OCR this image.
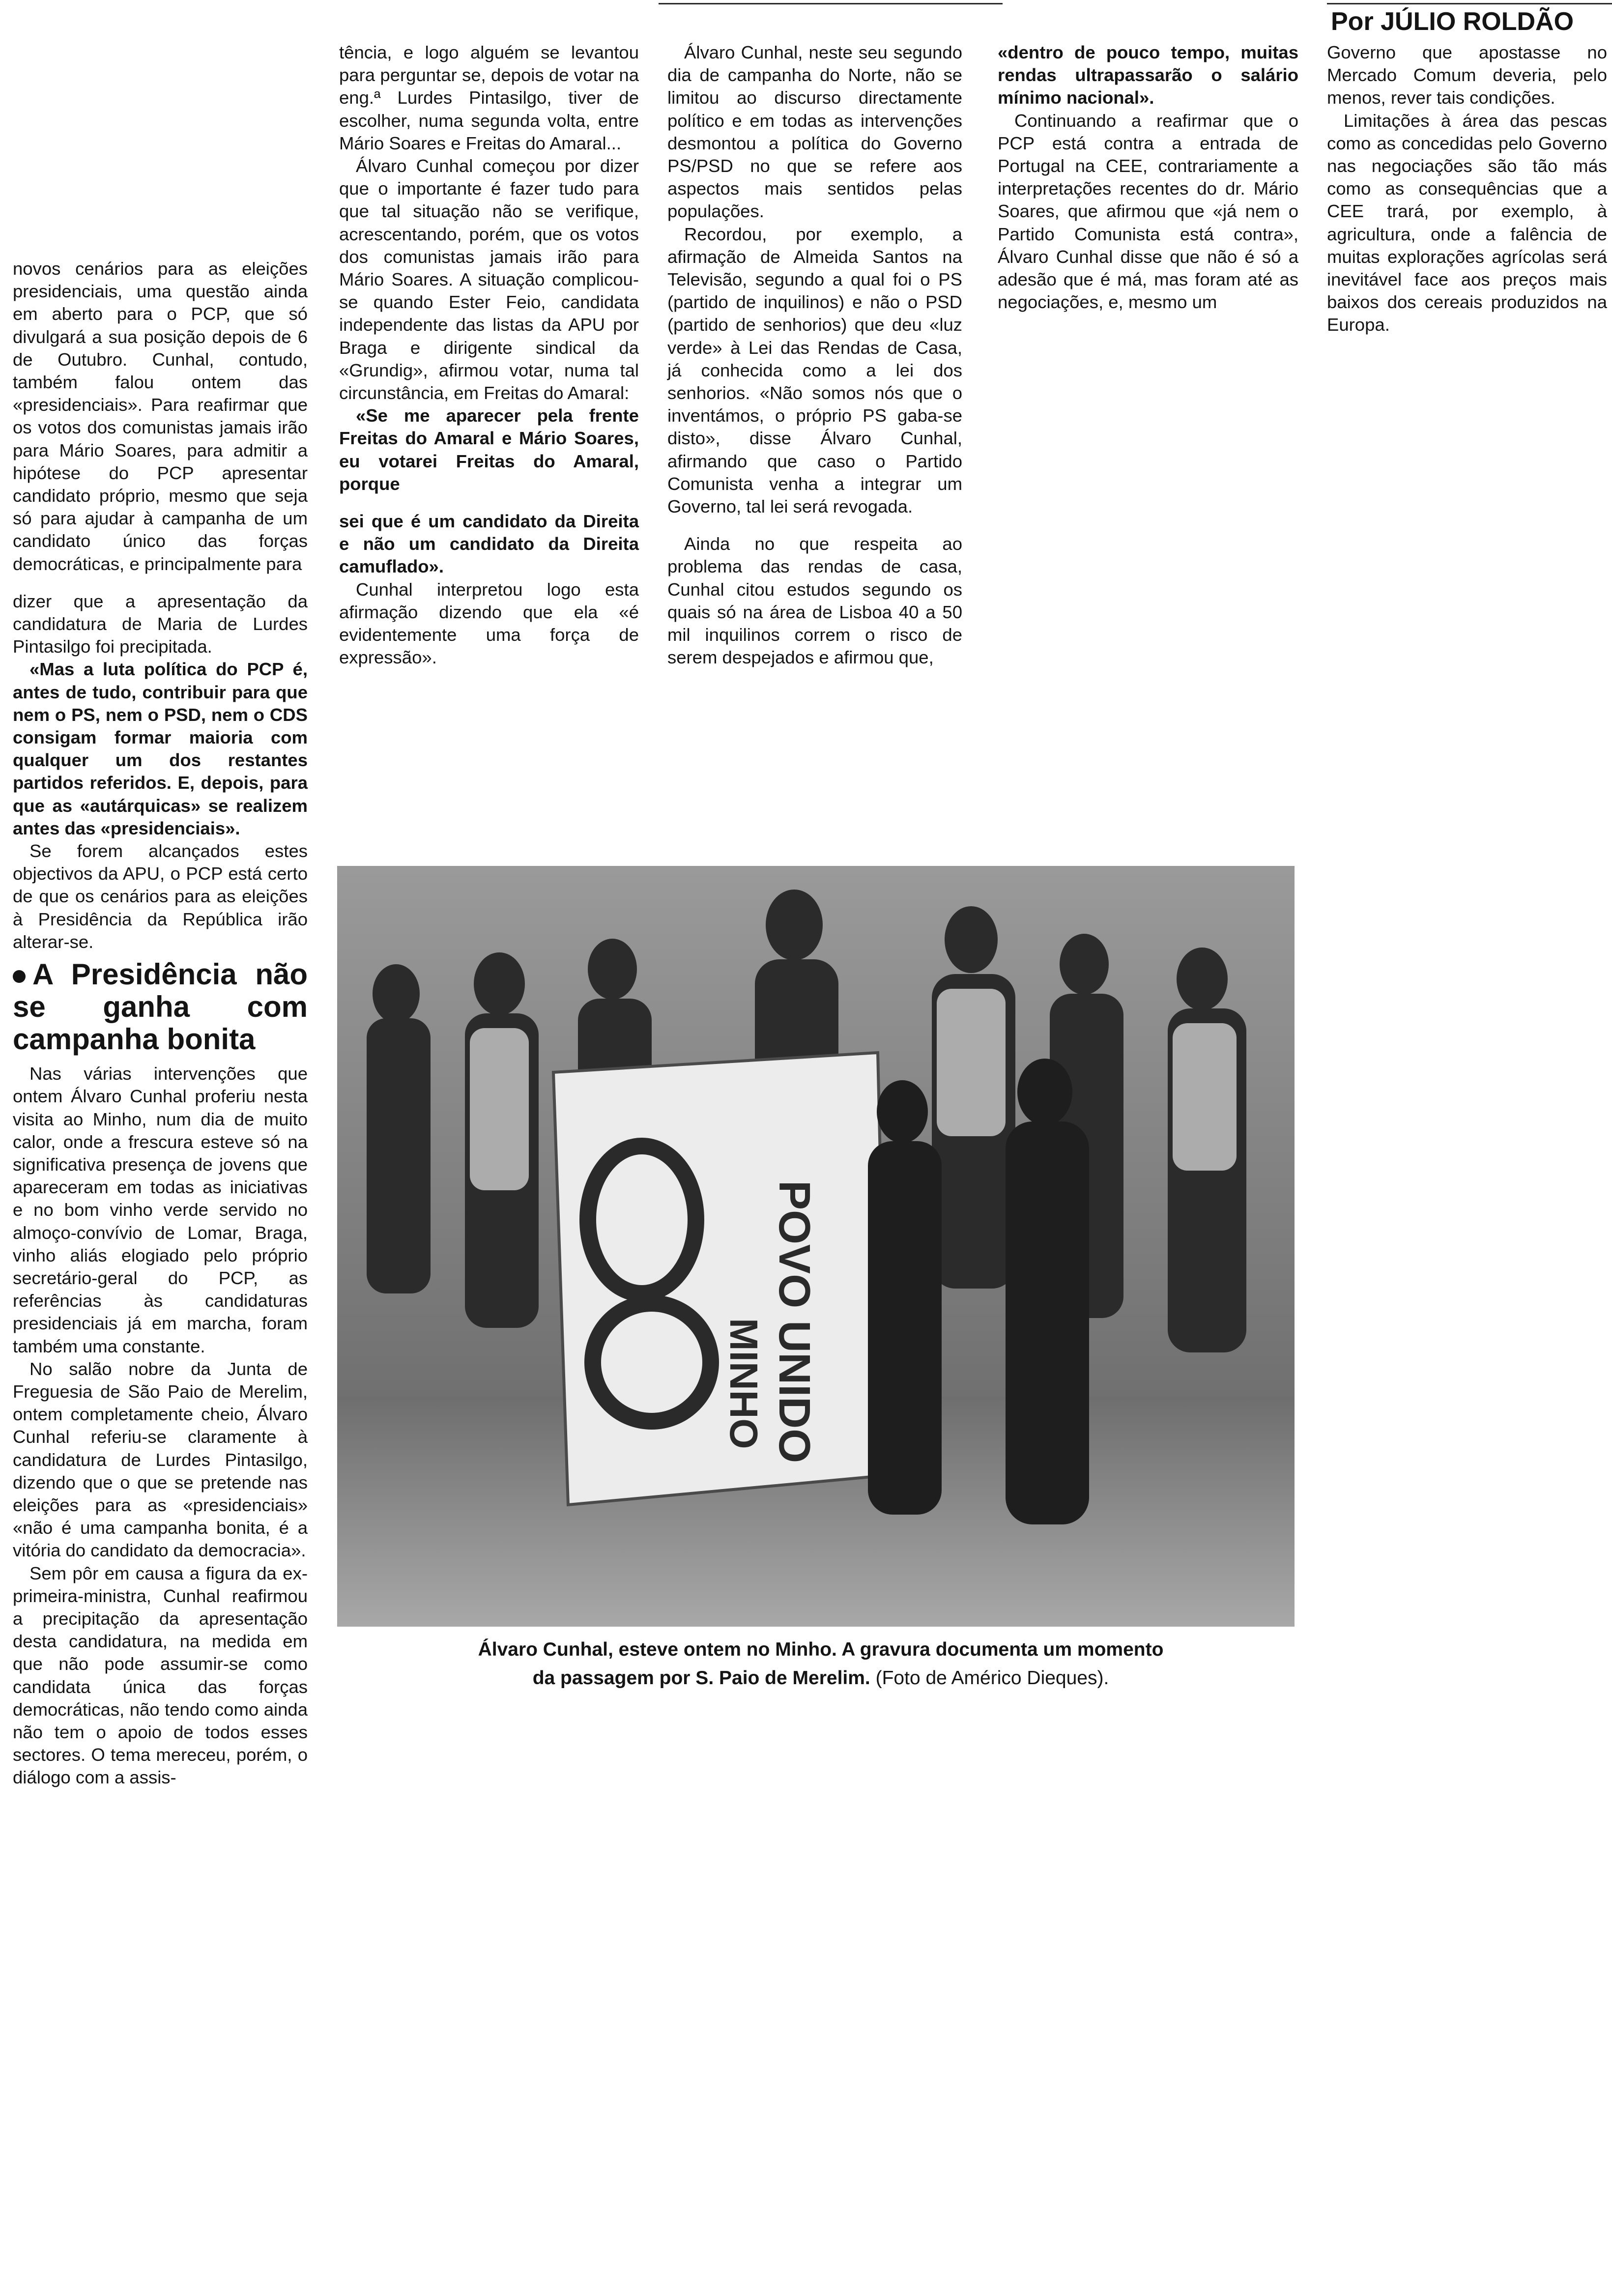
Por JÚLIO ROLDÃO

novos cenários para as eleições presidenciais, uma questão ainda em aberto para o PCP, que só divulgará a sua posição depois de 6 de Outubro. Cunhal, contudo, também falou ontem das «presidenciais». Para reafirmar que os votos dos comunistas jamais irão para Mário Soares, para admitir a hipótese do PCP apresentar candidato próprio, mesmo que seja só para ajudar à campanha de um candidato único das forças democráticas, e principalmente para

dizer que a apresentação da candidatura de Maria de Lurdes Pintasilgo foi precipitada.

«Mas a luta política do PCP é, antes de tudo, contribuir para que nem o PS, nem o PSD, nem o CDS consigam formar maioria com qualquer um dos restantes partidos referidos. E, depois, para que as «autárquicas» se realizem antes das «presidenciais».

Se forem alcançados estes objectivos da APU, o PCP está certo de que os cenários para as eleições à Presidência da República irão alterar-se.

A Presidência não se ganha com campanha bonita

Nas várias intervenções que ontem Álvaro Cunhal proferiu nesta visita ao Minho, num dia de muito calor, onde a frescura esteve só na significativa presença de jovens que apareceram em todas as iniciativas e no bom vinho verde servido no almoço-convívio de Lomar, Braga, vinho aliás elogiado pelo próprio secretário-geral do PCP, as referências às candidaturas presidenciais já em marcha, foram também uma constante.

No salão nobre da Junta de Freguesia de São Paio de Merelim, ontem completamente cheio, Álvaro Cunhal referiu-se claramente à candidatura de Lurdes Pintasilgo, dizendo que o que se pretende nas eleições para as «presidenciais» «não é uma campanha bonita, é a vitória do candidato da democracia».

Sem pôr em causa a figura da ex-primeira-ministra, Cunhal reafirmou a precipitação da apresentação desta candidatura, na medida em que não pode assumir-se como candidata única das forças democráticas, não tendo como ainda não tem o apoio de todos esses sectores. O tema mereceu, porém, o diálogo com a assis-

tência, e logo alguém se levantou para perguntar se, depois de votar na eng.ª Lurdes Pintasilgo, tiver de escolher, numa segunda volta, entre Mário Soares e Freitas do Amaral...

Álvaro Cunhal começou por dizer que o importante é fazer tudo para que tal situação não se verifique, acrescentando, porém, que os votos dos comunistas jamais irão para Mário Soares. A situação complicou-se quando Ester Feio, candidata independente das listas da APU por Braga e dirigente sindical da «Grundig», afirmou votar, numa tal circunstância, em Freitas do Amaral:

«Se me aparecer pela frente Freitas do Amaral e Mário Soares, eu votarei Freitas do Amaral, porque

sei que é um candidato da Direita e não um candidato da Direita camuflado».

Cunhal interpretou logo esta afirmação dizendo que ela «é evidentemente uma força de expressão».

Álvaro Cunhal, neste seu segundo dia de campanha do Norte, não se limitou ao discurso directamente político e em todas as intervenções desmontou a política do Governo PS/PSD no que se refere aos aspectos mais sentidos pelas populações.

Recordou, por exemplo, a afirmação de Almeida Santos na Televisão, segundo a qual foi o PS (partido de inquilinos) e não o PSD (partido de senhorios) que deu «luz verde» à Lei das Rendas de Casa, já conhecida como a lei dos senhorios. «Não somos nós que o inventámos, o próprio PS gaba-se disto», disse Álvaro Cunhal, afirmando que caso o Partido Comunista venha a integrar um Governo, tal lei será revogada.

Ainda no que respeita ao problema das rendas de casa, Cunhal citou estudos segundo os quais só na área de Lisboa 40 a 50 mil inquilinos correm o risco de serem despejados e afirmou que,

«dentro de pouco tempo, muitas rendas ultrapassarão o salário mínimo nacional».

Continuando a reafirmar que o PCP está contra a entrada de Portugal na CEE, contrariamente a interpretações recentes do dr. Mário Soares, que afirmou que «já nem o Partido Comunista está contra», Álvaro Cunhal disse que não é só a adesão que é má, mas foram até as negociações, e, mesmo um

Governo que apostasse no Mercado Comum deveria, pelo menos, rever tais condições.

Limitações à área das pescas como as concedidas pelo Governo nas negociações são tão más como as consequências que a CEE trará, por exemplo, à agricultura, onde a falência de muitas explorações agrícolas será inevitável face aos preços mais baixos dos cereais produzidos na Europa.

POVO UNIDO
MINHO
Álvaro Cunhal, esteve ontem no Minho. A gravura documenta um momento
da passagem por S. Paio de Merelim. (Foto de Américo Dieques).
